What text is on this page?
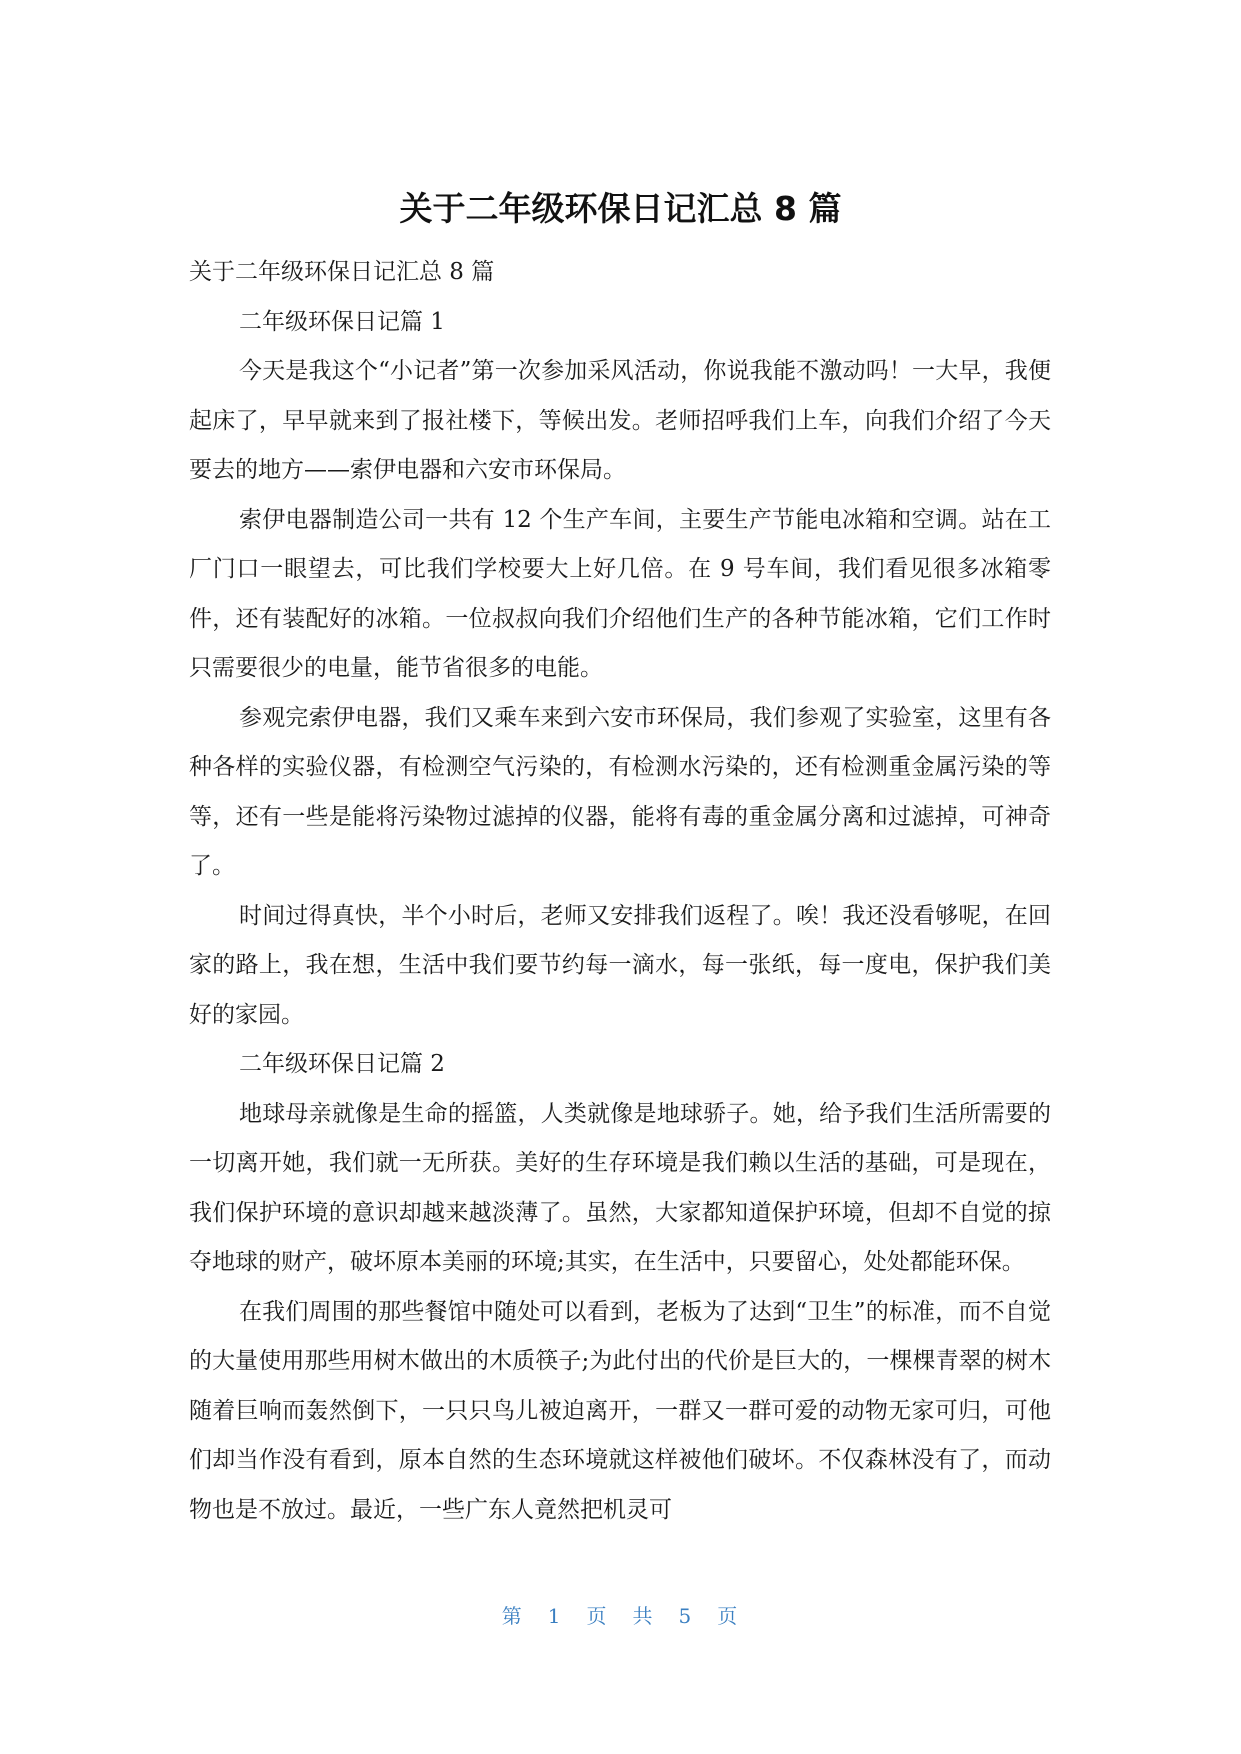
关于二年级环保日记汇总 8 篇

关于二年级环保日记汇总 8 篇

二年级环保日记篇 1

今天是我这个“小记者”第一次参加采风活动，你说我能不激动吗！一大早，我便起床了，早早就来到了报社楼下，等候出发。老师招呼我们上车，向我们介绍了今天要去的地方——索伊电器和六安市环保局。

索伊电器制造公司一共有 12 个生产车间，主要生产节能电冰箱和空调。站在工厂门口一眼望去，可比我们学校要大上好几倍。在 9 号车间，我们看见很多冰箱零件，还有装配好的冰箱。一位叔叔向我们介绍他们生产的各种节能冰箱，它们工作时只需要很少的电量，能节省很多的电能。

参观完索伊电器，我们又乘车来到六安市环保局，我们参观了实验室，这里有各种各样的实验仪器，有检测空气污染的，有检测水污染的，还有检测重金属污染的等等，还有一些是能将污染物过滤掉的仪器，能将有毒的重金属分离和过滤掉，可神奇了。

时间过得真快，半个小时后，老师又安排我们返程了。唉！我还没看够呢，在回家的路上，我在想，生活中我们要节约每一滴水，每一张纸，每一度电，保护我们美好的家园。

二年级环保日记篇 2

地球母亲就像是生命的摇篮，人类就像是地球骄子。她，给予我们生活所需要的一切离开她，我们就一无所获。美好的生存环境是我们赖以生活的基础，可是现在，我们保护环境的意识却越来越淡薄了。虽然，大家都知道保护环境，但却不自觉的掠夺地球的财产，破坏原本美丽的环境;其实，在生活中，只要留心，处处都能环保。

在我们周围的那些餐馆中随处可以看到，老板为了达到“卫生”的标准，而不自觉的大量使用那些用树木做出的木质筷子;为此付出的代价是巨大的，一棵棵青翠的树木随着巨响而轰然倒下，一只只鸟儿被迫离开，一群又一群可爱的动物无家可归，可他们却当作没有看到，原本自然的生态环境就这样被他们破坏。不仅森林没有了，而动物也是不放过。最近，一些广东人竟然把机灵可

第 1 页 共 5 页
